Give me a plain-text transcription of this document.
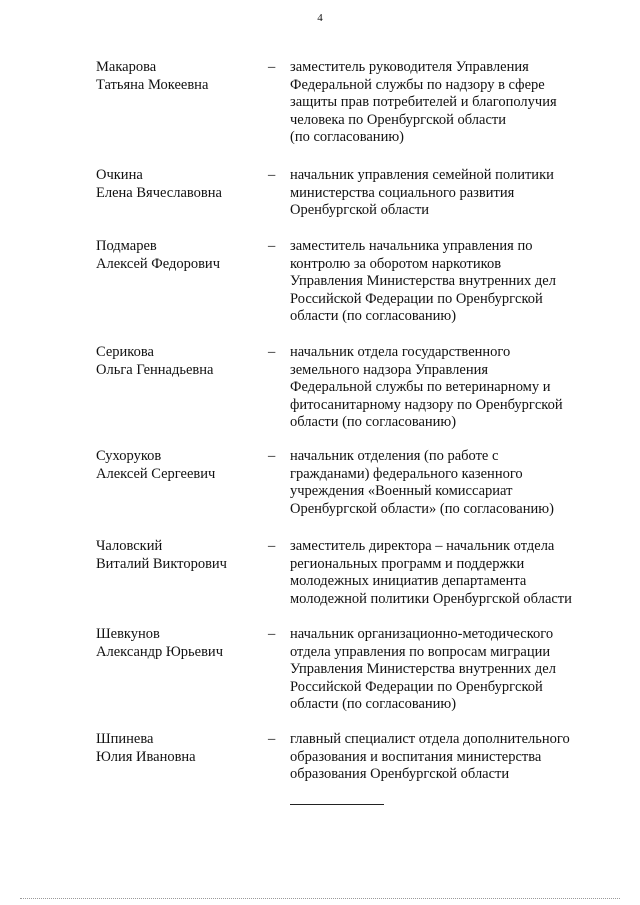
4
Макарова
Татьяна Мокеевна
– заместитель руководителя Управления
Федеральной службы по надзору в сфере
защиты прав потребителей и благополучия
человека по Оренбургской области
(по согласованию)
Очкина
Елена Вячеславовна
– начальник управления семейной политики
министерства социального развития
Оренбургской области
Подмарев
Алексей Федорович
– заместитель начальника управления по
контролю за оборотом наркотиков
Управления Министерства внутренних дел
Российской Федерации по Оренбургской
области (по согласованию)
Серикова
Ольга Геннадьевна
– начальник отдела государственного
земельного надзора Управления
Федеральной службы по ветеринарному и
фитосанитарному надзору по Оренбургской
области (по согласованию)
Сухоруков
Алексей Сергеевич
– начальник отделения (по работе с
гражданами) федерального казенного
учреждения «Военный комиссариат
Оренбургской области» (по согласованию)
Чаловский
Виталий Викторович
– заместитель директора – начальник отдела
региональных программ и поддержки
молодежных инициатив департамента
молодежной политики Оренбургской области
Шевкунов
Александр Юрьевич
– начальник организационно-методического
отдела управления по вопросам миграции
Управления Министерства внутренних дел
Российской Федерации по Оренбургской
области (по согласованию)
Шпинева
Юлия Ивановна
– главный специалист отдела дополнительного
образования и воспитания министерства
образования Оренбургской области
